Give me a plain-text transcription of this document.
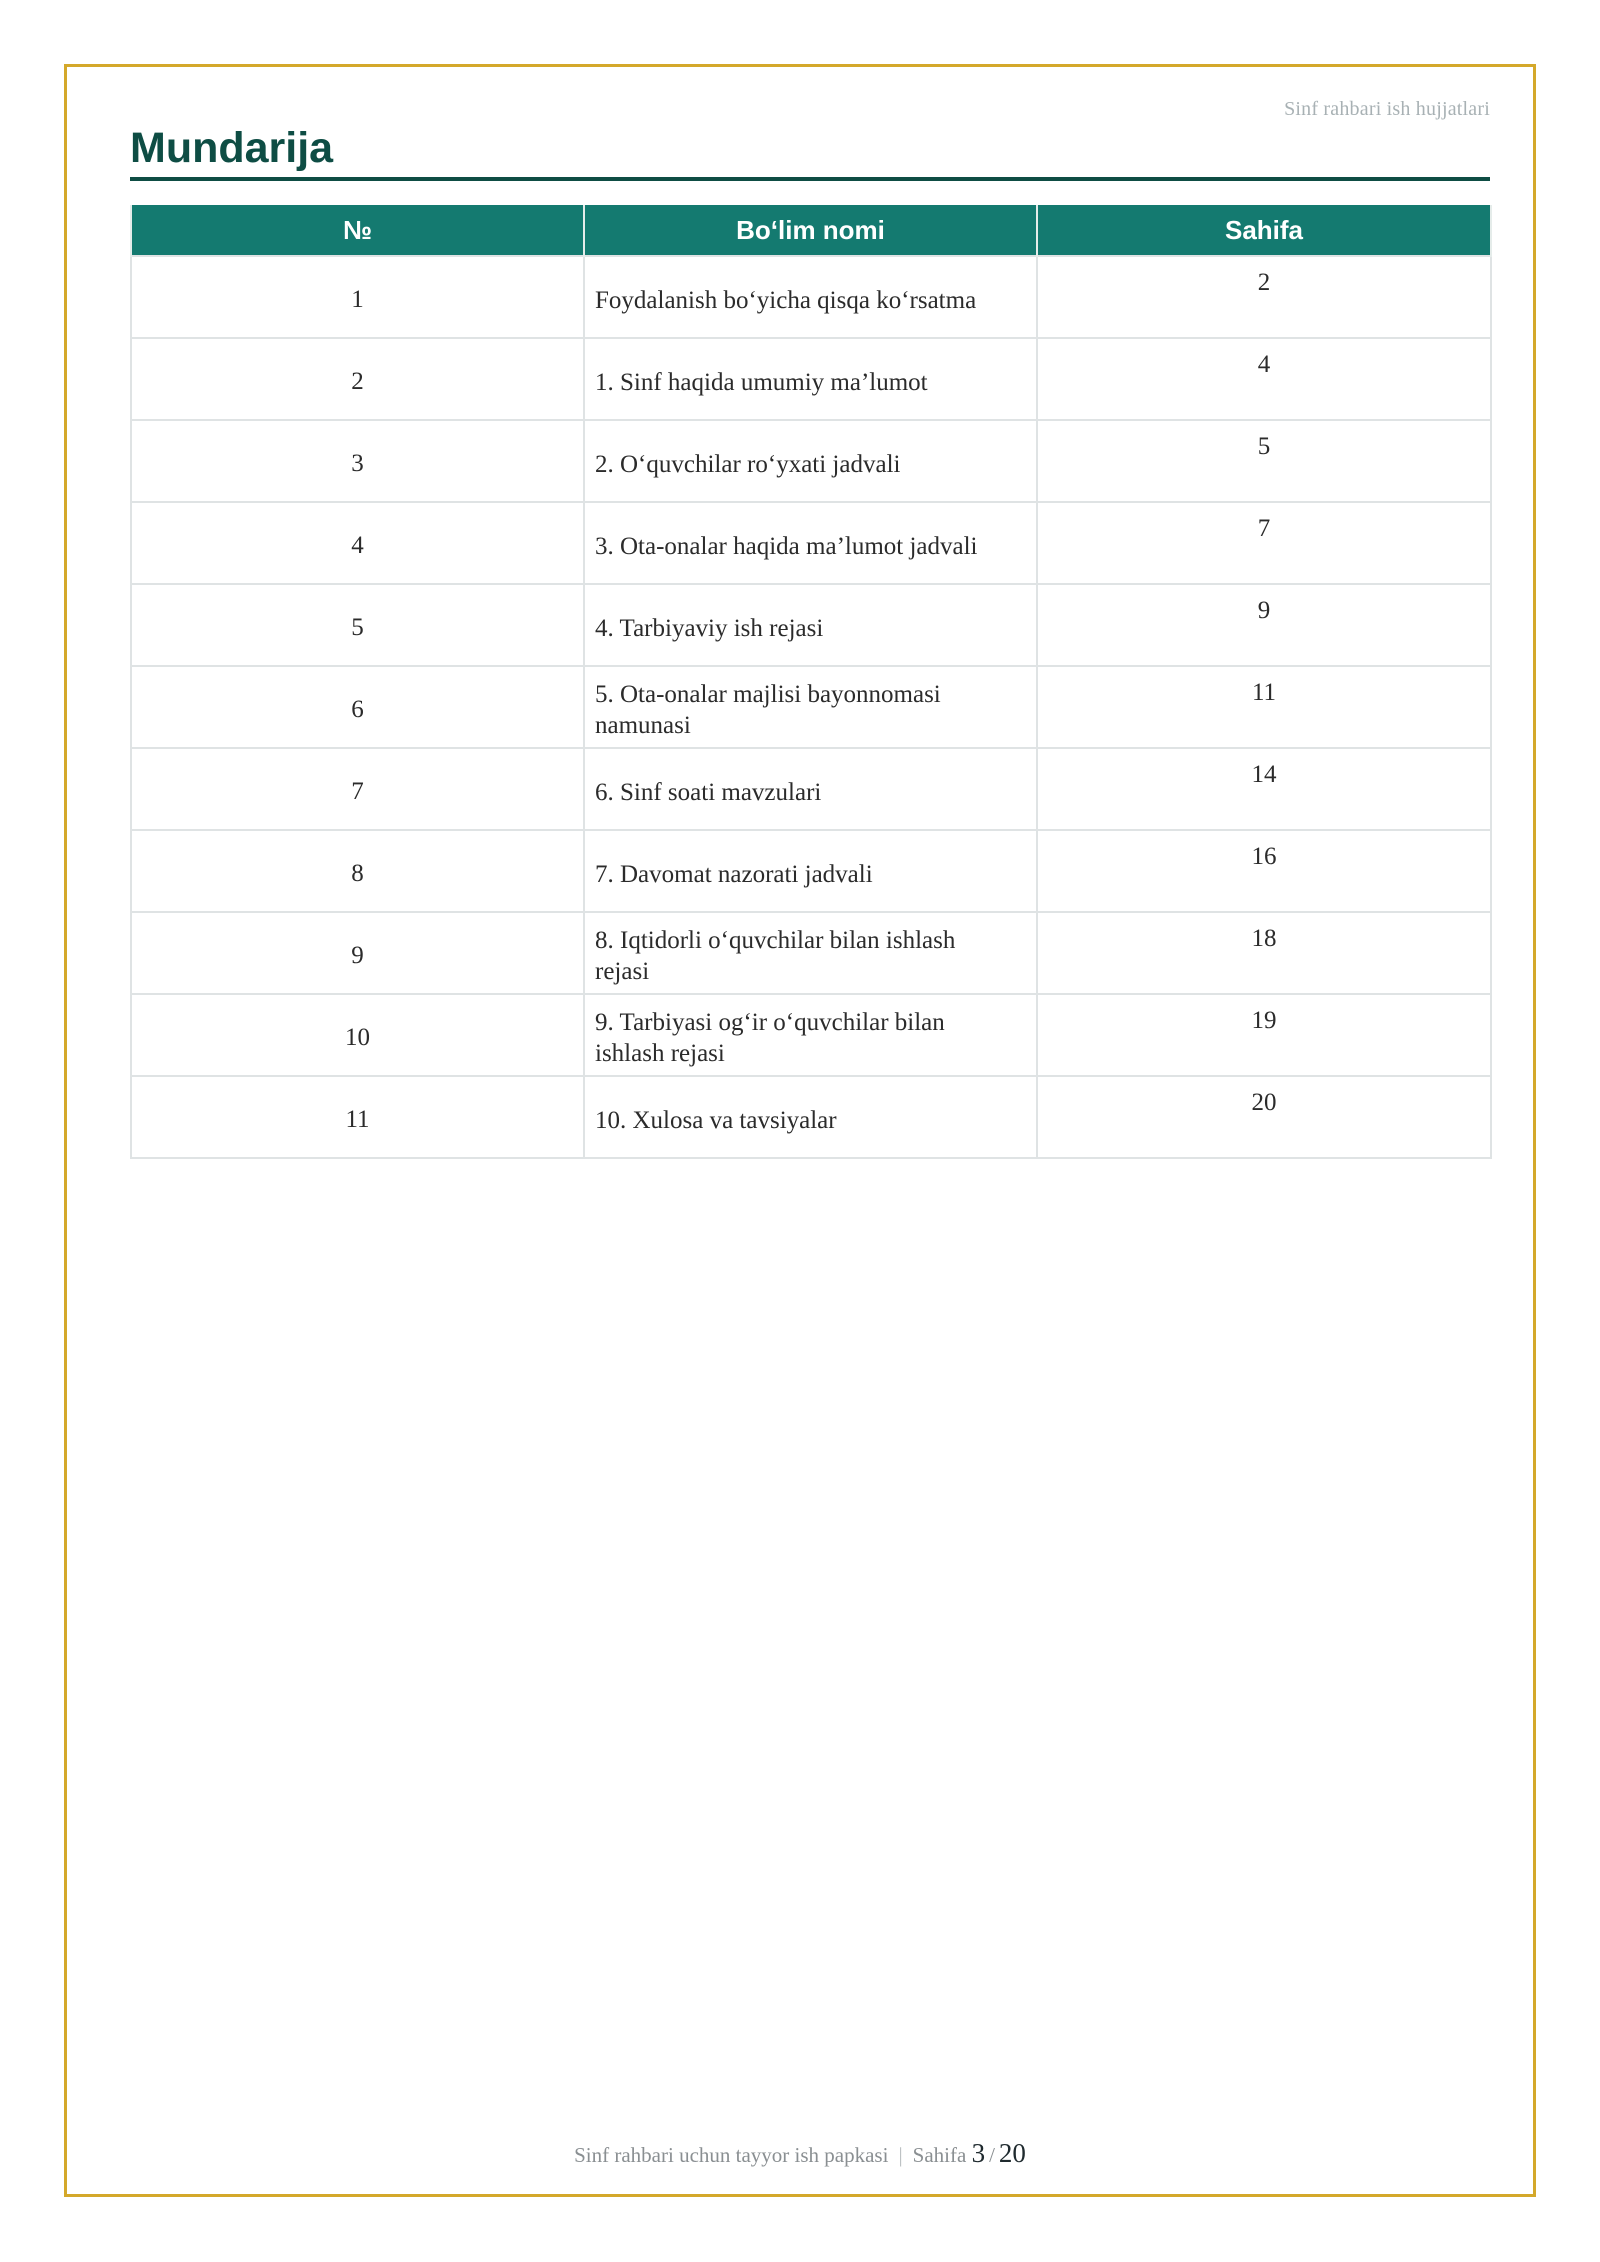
Sinf rahbari ish hujjatlari
Mundarija
№	Bo‘lim nomi	Sahifa
1	Foydalanish bo‘yicha qisqa ko‘rsatma	2
2	1. Sinf haqida umumiy ma’lumot	4
3	2. O‘quvchilar ro‘yxati jadvali	5
4	3. Ota-onalar haqida ma’lumot jadvali	7
5	4. Tarbiyaviy ish rejasi	9
6	5. Ota-onalar majlisi bayonnomasi namunasi	11
7	6. Sinf soati mavzulari	14
8	7. Davomat nazorati jadvali	16
9	8. Iqtidorli o‘quvchilar bilan ishlash rejasi	18
10	9. Tarbiyasi og‘ir o‘quvchilar bilan ishlash rejasi	19
11	10. Xulosa va tavsiyalar	20
Sinf rahbari uchun tayyor ish papkasi | Sahifa 3 / 20
